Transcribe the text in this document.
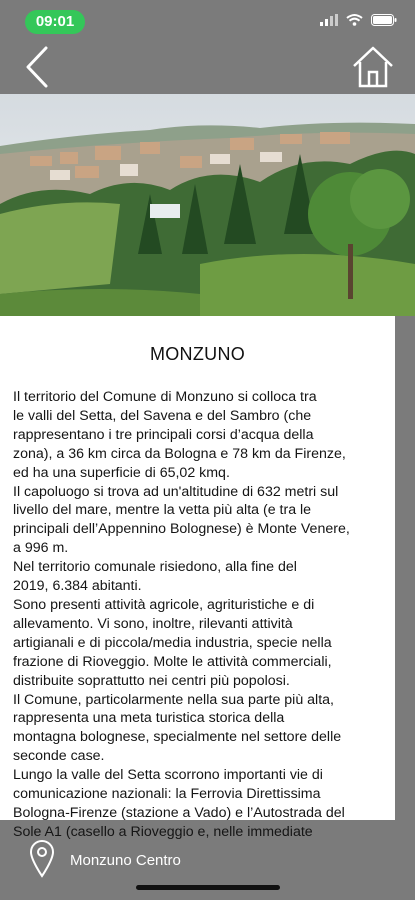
09:01
MONZUNO

Il territorio del Comune di Monzuno si colloca tra

le valli del Setta, del Savena e del Sambro (che

rappresentano i tre principali corsi d’acqua della

zona), a 36 km circa da Bologna e 78 km da Firenze,

ed ha una superficie di 65,02 kmq.

Il capoluogo si trova ad un'altitudine di 632 metri sul

livello del mare, mentre la vetta più alta (e tra le

principali dell’Appennino Bolognese) è Monte Venere,

a 996 m.

Nel territorio comunale risiedono, alla fine del

2019, 6.384 abitanti.

Sono presenti attività agricole, agrituristiche e di

allevamento. Vi sono, inoltre, rilevanti attività

artigianali e di piccola/media industria, specie nella

frazione di Rioveggio. Molte le attività commerciali,

distribuite soprattutto nei centri più popolosi.

Il Comune, particolarmente nella sua parte più alta,

rappresenta una meta turistica storica della

montagna bolognese, specialmente nel settore delle

seconde case.

Lungo la valle del Setta scorrono importanti vie di

comunicazione nazionali: la Ferrovia Direttissima

Bologna-Firenze (stazione a Vado) e l’Autostrada del

Sole A1 (casello a Rioveggio e, nelle immediate

Monzuno Centro
